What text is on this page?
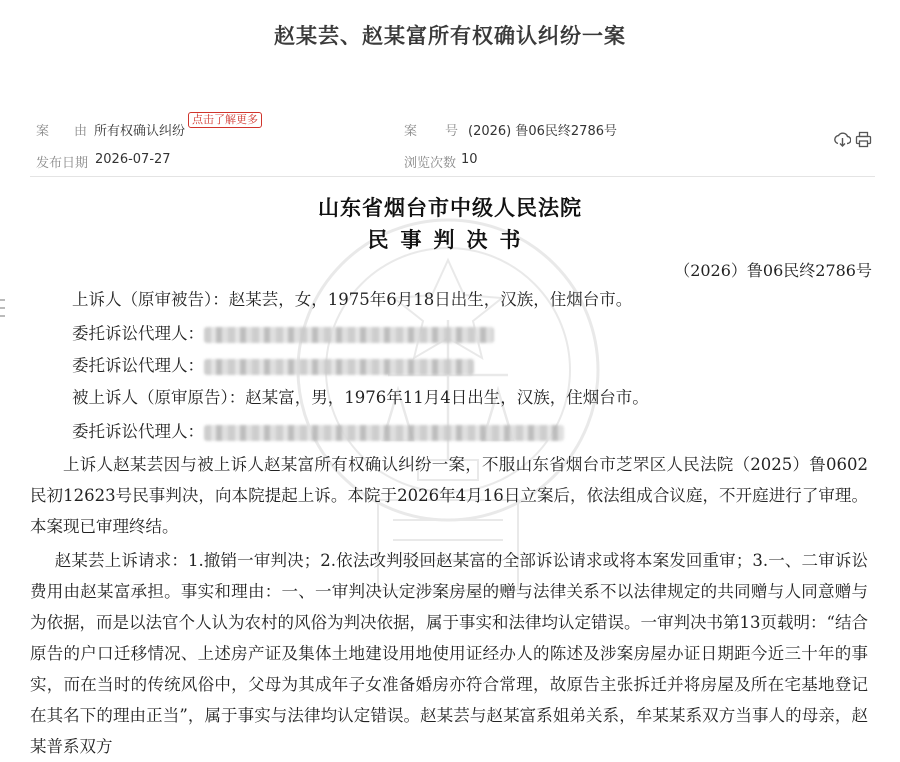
赵某芸、赵某富所有权确认纠纷一案
案由
所有权确认纠纷
点击了解更多
案号
(2026) 鲁06民终2786号
发布日期 2026-07-27	浏览次数 10
山东省烟台市中级人民法院
民事判决书
（2026）鲁06民终2786号
上诉人（原审被告）：赵某芸，女，1975年6月18日出生，汉族，住烟台市。
委托诉讼代理人：
委托诉讼代理人：
被上诉人（原审原告）：赵某富，男，1976年11月4日出生，汉族，住烟台市。
委托诉讼代理人：

上诉人赵某芸因与被上诉人赵某富所有权确认纠纷一案，不服山东省烟台市芝罘区人民法院（2025）鲁0602民初12623号民事判决，向本院提起上诉。本院于2026年4月16日立案后，依法组成合议庭，不开庭进行了审理。本案现已审理终结。

赵某芸上诉请求：1.撤销一审判决；2.依法改判驳回赵某富的全部诉讼请求或将本案发回重审；3.一、二审诉讼费用由赵某富承担。事实和理由：一、一审判决认定涉案房屋的赠与法律关系不以法律规定的共同赠与人同意赠与为依据，而是以法官个人认为农村的风俗为判决依据，属于事实和法律均认定错误。一审判决书第13页载明：“结合原告的户口迁移情况、上述房产证及集体土地建设用地使用证经办人的陈述及涉案房屋办证日期距今近三十年的事实，而在当时的传统风俗中，父母为其成年子女准备婚房亦符合常理，故原告主张拆迁并将房屋及所在宅基地登记在其名下的理由正当”，属于事实与法律均认定错误。赵某芸与赵某富系姐弟关系，牟某某系双方当事人的母亲，赵某普系双方
